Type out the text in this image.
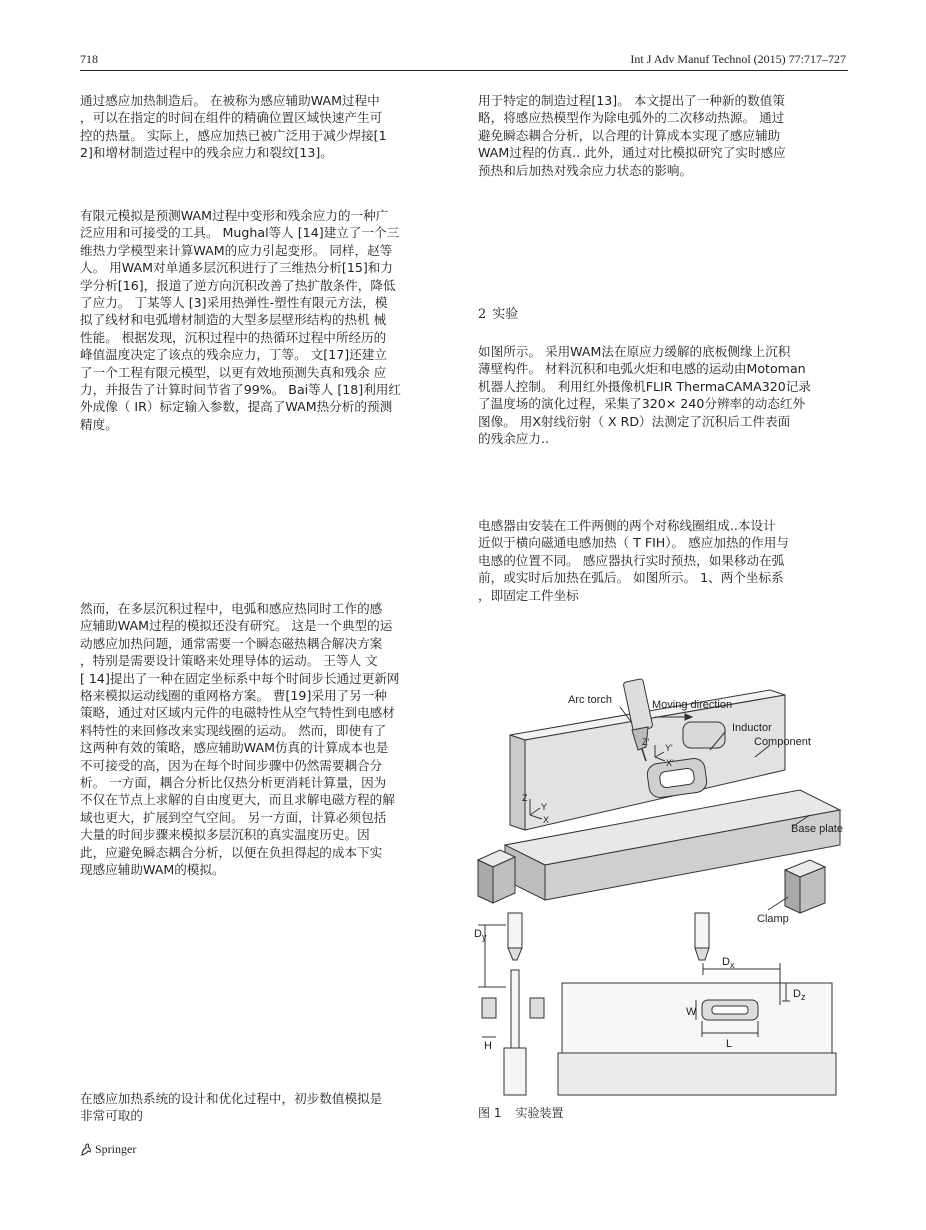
718	Int J Adv Manuf Technol (2015) 77:717–727

通过感应加热制造后。 在被称为感应辅助WAM过程中
，可以在指定的时间在组件的精确位置区域快速产生可
控的热量。 实际上，感应加热已被广泛用于减少焊接[1
2]和增材制造过程中的残余应力和裂纹[13]。

有限元模拟是预测WAM过程中变形和残余应力的一种广
泛应用和可接受的工具。 Mughal等人 [14]建立了一个三
维热力学模型来计算WAM的应力引起变形。 同样，赵等
人。 用WAM对单通多层沉积进行了三维热分析[15]和力
学分析[16]，报道了逆方向沉积改善了热扩散条件，降低
了应力。 丁某等人 [3]采用热弹性-塑性有限元方法，模
拟了线材和电弧增材制造的大型多层壁形结构的热机 械
性能。 根据发现，沉积过程中的热循环过程中所经历的
峰值温度决定了该点的残余应力，丁等。 文[17]还建立
了一个工程有限元模型，以更有效地预测失真和残余 应
力，并报告了计算时间节省了99%。 Bai等人 [18]利用红
外成像（ IR）标定输入参数，提高了WAM热分析的预测
精度。

然而，在多层沉积过程中，电弧和感应热同时工作的感
应辅助WAM过程的模拟还没有研究。 这是一个典型的运
动感应加热问题，通常需要一个瞬态磁热耦合解决方案
，特别是需要设计策略来处理导体的运动。 王等人 文
[ 14]提出了一种在固定坐标系中每个时间步长通过更新网
格来模拟运动线圈的重网格方案。 曹[19]采用了另一种
策略，通过对区域内元件的电磁特性从空气特性到电感材
料特性的来回修改来实现线圈的运动。 然而，即使有了
这两种有效的策略，感应辅助WAM仿真的计算成本也是
不可接受的高，因为在每个时间步骤中仍然需要耦合分
析。 一方面，耦合分析比仅热分析更消耗计算量，因为
不仅在节点上求解的自由度更大，而且求解电磁方程的解
域也更大，扩展到空气空间。 另一方面，计算必须包括
大量的时间步骤来模拟多层沉积的真实温度历史。因
此，应避免瞬态耦合分析，以便在负担得起的成本下实
现感应辅助WAM的模拟。

在感应加热系统的设计和优化过程中，初步数值模拟是
非常可取的

用于特定的制造过程[13]。 本文提出了一种新的数值策
略，将感应热模型作为除电弧外的二次移动热源。 通过
避免瞬态耦合分析，以合理的计算成本实现了感应辅助
WAM过程的仿真.. 此外，通过对比模拟研究了实时感应
预热和后加热对残余应力状态的影响。

2 实验

如图所示。 采用WAM法在原应力缓解的底板侧缘上沉积
薄壁构件。 材料沉积和电弧火炬和电感的运动由Motoman
机器人控制。 利用红外摄像机FLIR ThermaCAMA320记录
了温度场的演化过程，采集了320× 240分辨率的动态红外
图像。 用X射线衍射（ X RD）法测定了沉积后工件表面
的残余应力..

电感器由安装在工件两侧的两个对称线圈组成..本设计
近似于横向磁通电感加热（ T FIH）。 感应加热的作用与
电感的位置不同。 感应器执行实时预热，如果移动在弧
前，或实时后加热在弧后。 如图所示。 1、两个坐标系
，即固定工件坐标

Arc torch	Moving direction
Inductor
Component
Base plate
Clamp
Z
Y
X
Z'
Y'
X'
$D_y$
H
$D_x$
$D_z$
W
L

图 1 实验装置

Springer
